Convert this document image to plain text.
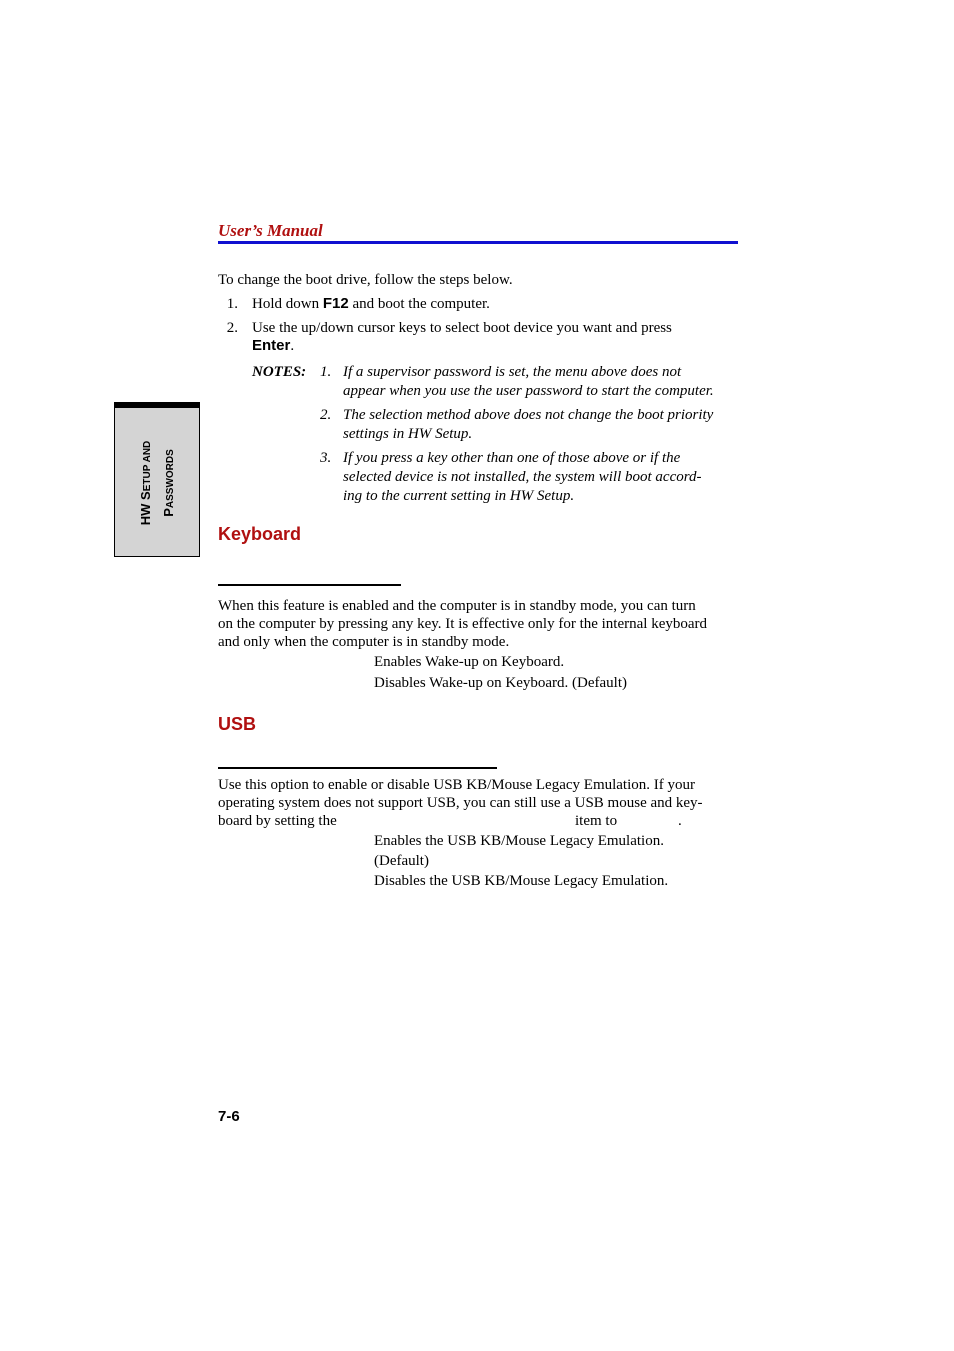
User’s Manual
HW SETUP AND
PASSWORDS

To change the boot drive, follow the steps below.

1. Hold down F12 and boot the computer.

2. Use the up/down cursor keys to select boot device you want and press
Enter.

NOTES: 1. If a supervisor password is set, the menu above does not
appear when you use the user password to start the computer.
2. The selection method above does not change the boot priority
settings in HW Setup.
3. If you press a key other than one of those above or if the
selected device is not installed, the system will boot accord-
ing to the current setting in HW Setup.
Keyboard
When this feature is enabled and the computer is in standby mode, you can turn
on the computer by pressing any key. It is effective only for the internal keyboard
and only when the computer is in standby mode.
Enables Wake-up on Keyboard.
Disables Wake-up on Keyboard. (Default)
USB
Use this option to enable or disable USB KB/Mouse Legacy Emulation. If your
operating system does not support USB, you can still use a USB mouse and key-
board by setting the	item to	.
Enables the USB KB/Mouse Legacy Emulation.
(Default)
Disables the USB KB/Mouse Legacy Emulation.
7-6
